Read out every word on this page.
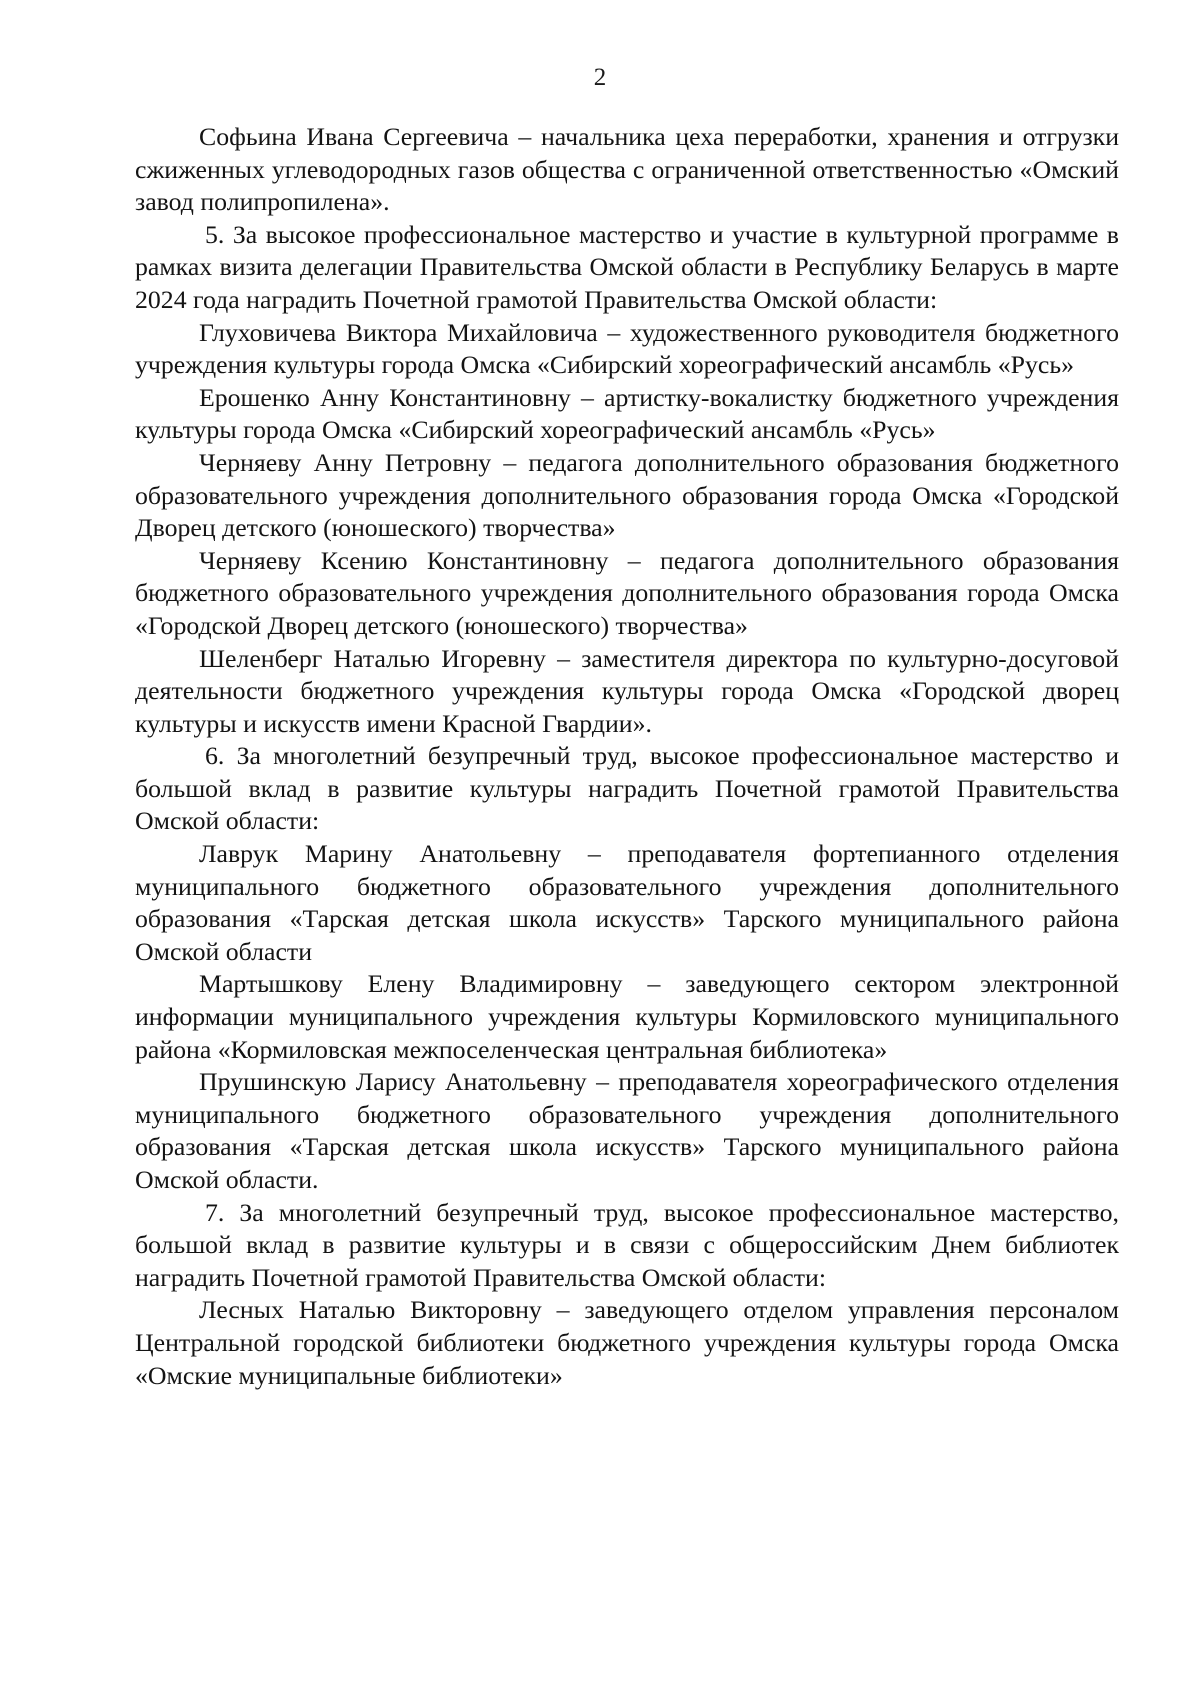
2

Софьина Ивана Сергеевича – начальника цеха переработки, хранения и отгрузки сжиженных углеводородных газов общества с ограниченной ответственностью «Омский завод полипропилена».

5. За высокое профессиональное мастерство и участие в культурной программе в рамках визита делегации Правительства Омской области в Республику Беларусь в марте 2024 года наградить Почетной грамотой Правительства Омской области:

Глуховичева Виктора Михайловича – художественного руководителя бюджетного учреждения культуры города Омска «Сибирский хореографический ансамбль «Русь»

Ерошенко Анну Константиновну – артистку-вокалистку бюджетного учреждения культуры города Омска «Сибирский хореографический ансамбль «Русь»

Черняеву Анну Петровну – педагога дополнительного образования бюджетного образовательного учреждения дополнительного образования города Омска «Городской Дворец детского (юношеского) творчества»

Черняеву Ксению Константиновну – педагога дополнительного образования бюджетного образовательного учреждения дополнительного образования города Омска «Городской Дворец детского (юношеского) творчества»

Шеленберг Наталью Игоревну – заместителя директора по культурно-досуговой деятельности бюджетного учреждения культуры города Омска «Городской дворец культуры и искусств имени Красной Гвардии».

6. За многолетний безупречный труд, высокое профессиональное мастерство и большой вклад в развитие культуры наградить Почетной грамотой Правительства Омской области:

Лаврук Марину Анатольевну – преподавателя фортепианного отделения муниципального бюджетного образовательного учреждения дополнительного образования «Тарская детская школа искусств» Тарского муниципального района Омской области

Мартышкову Елену Владимировну – заведующего сектором электронной информации муниципального учреждения культуры Кормиловского муниципального района «Кормиловская межпоселенческая центральная библиотека»

Прушинскую Ларису Анатольевну – преподавателя хореографического отделения муниципального бюджетного образовательного учреждения дополнительного образования «Тарская детская школа искусств» Тарского муниципального района Омской области.

7. За многолетний безупречный труд, высокое профессиональное мастерство, большой вклад в развитие культуры и в связи с общероссийским Днем библиотек наградить Почетной грамотой Правительства Омской области:

Лесных Наталью Викторовну – заведующего отделом управления персоналом Центральной городской библиотеки бюджетного учреждения культуры города Омска «Омские муниципальные библиотеки»
